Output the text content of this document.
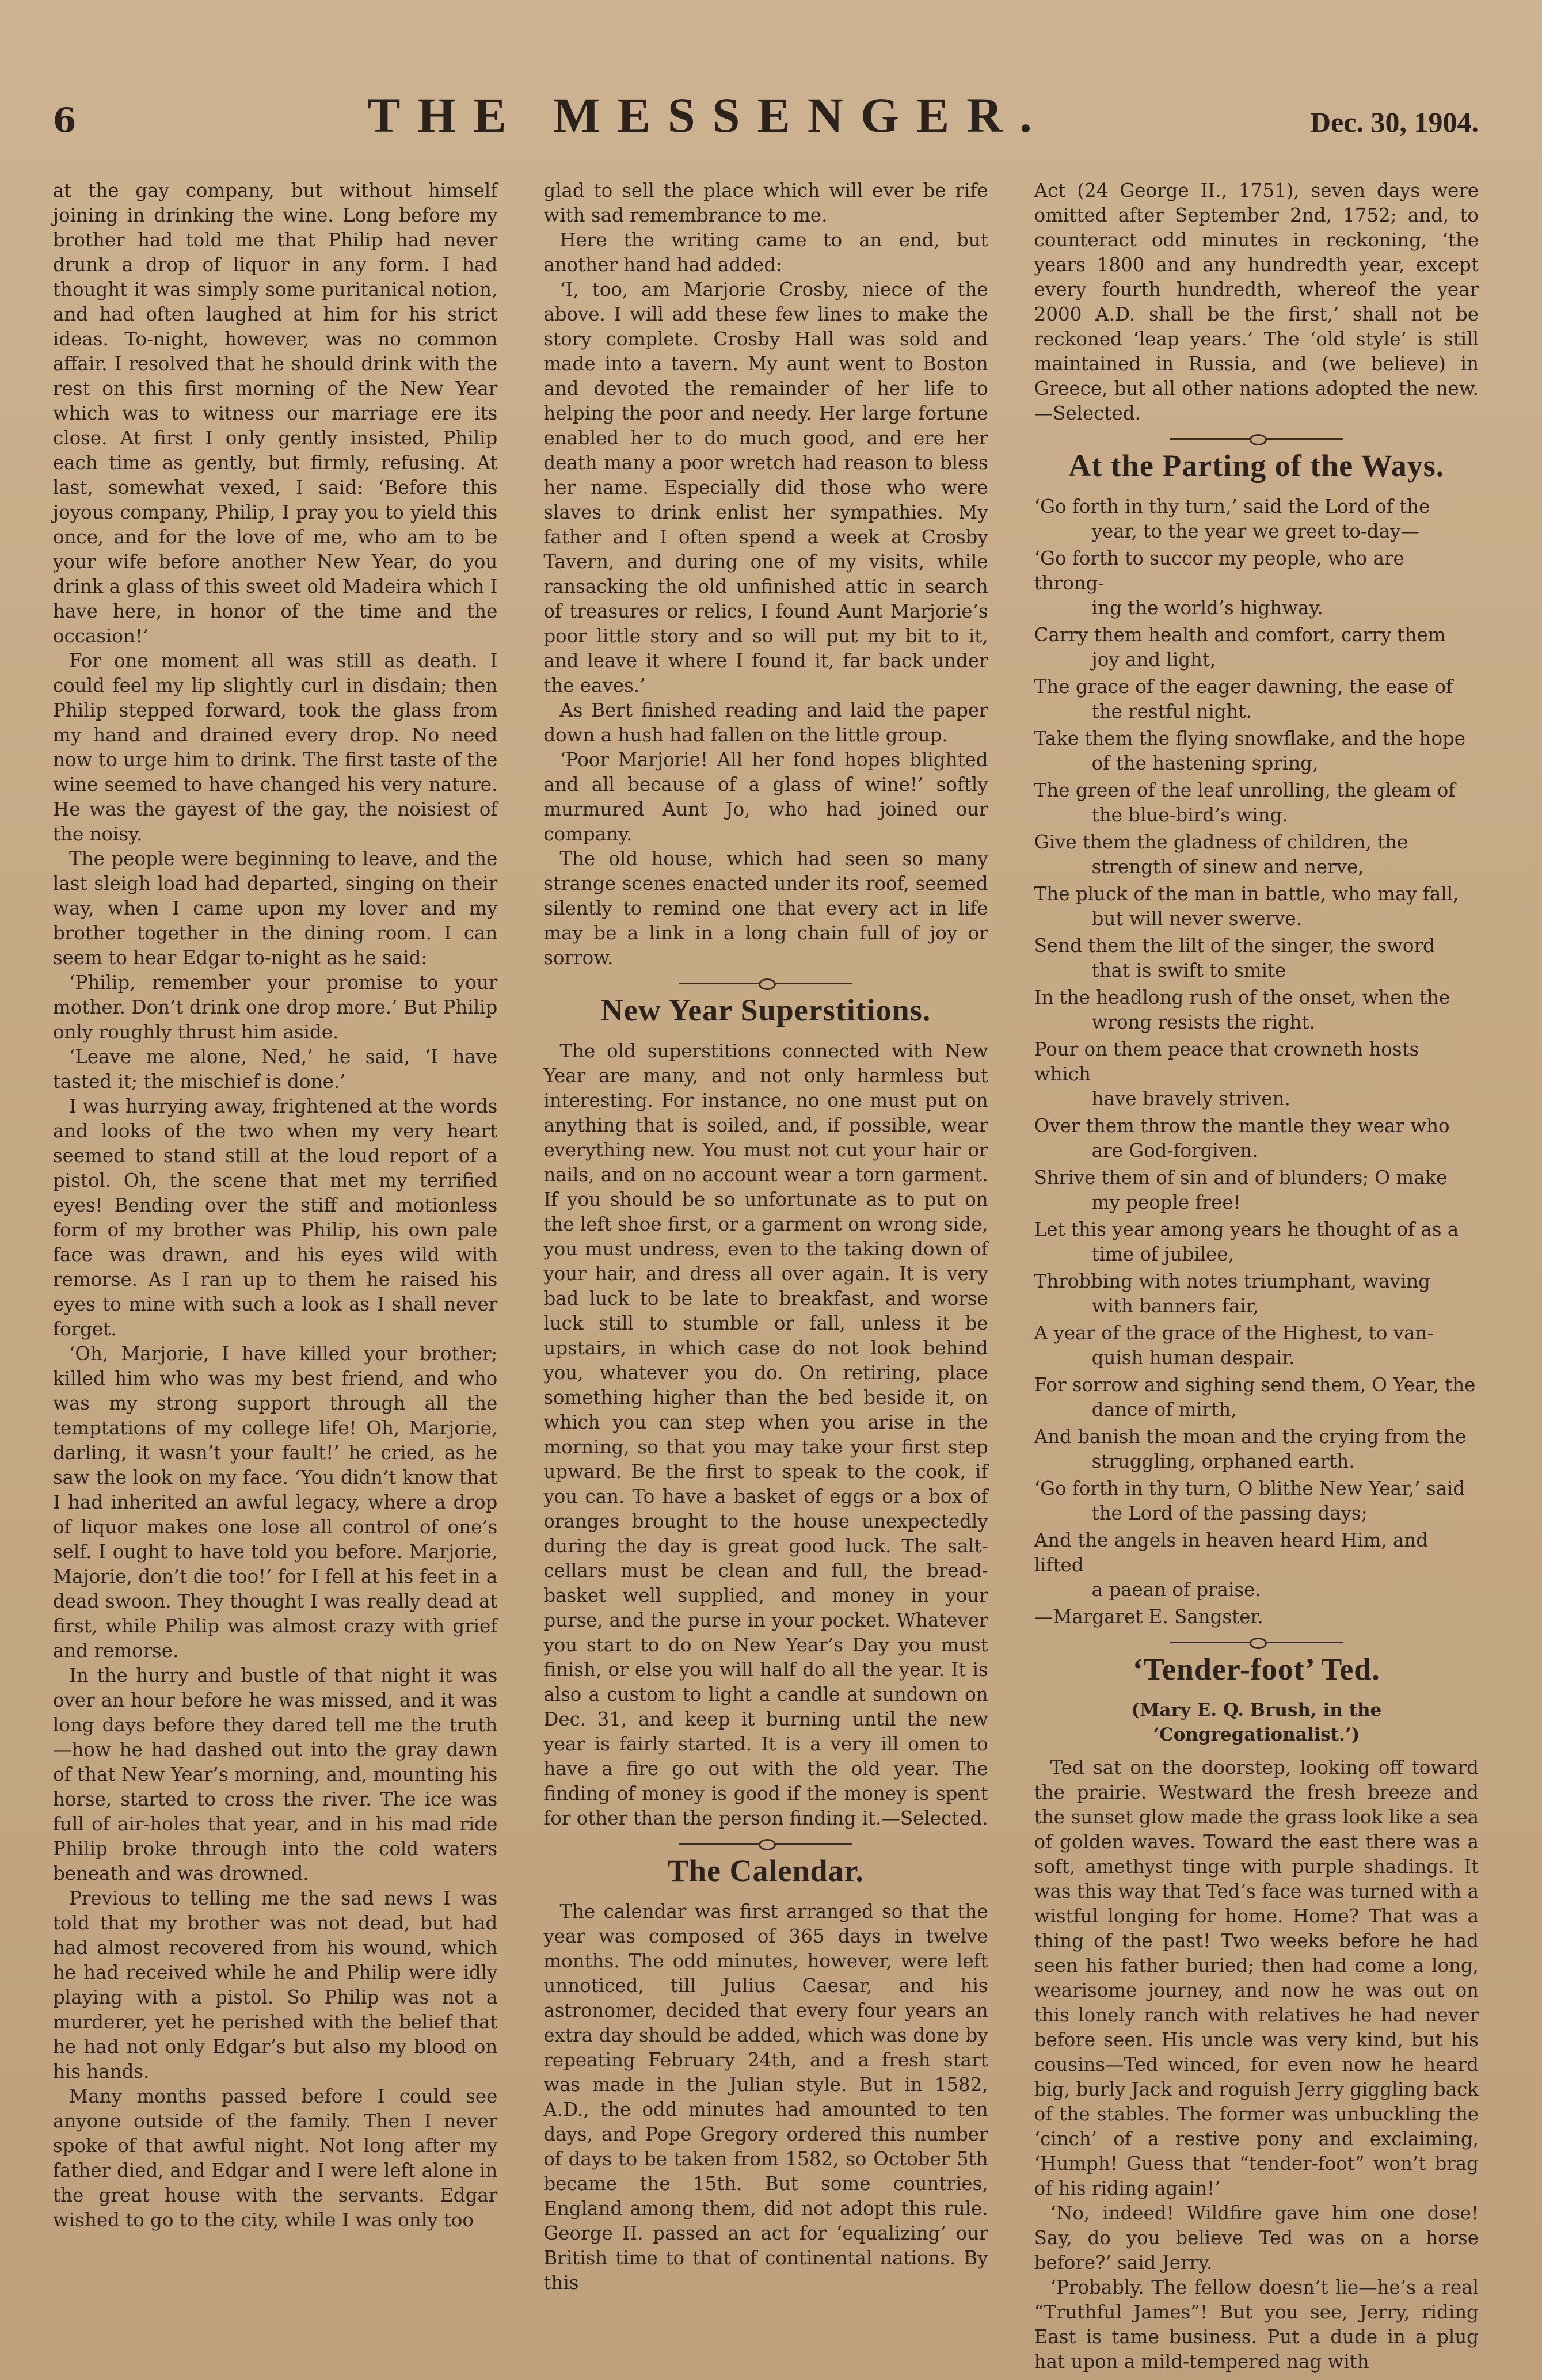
6	THE MESSENGER.	Dec. 30, 1904.

at the gay company, but without himself joining in drinking the wine. Long before my brother had told me that Philip had never drunk a drop of liquor in any form. I had thought it was simply some puritanical notion, and had often laughed at him for his strict ideas. To-night, however, was no common affair. I resolved that he should drink with the rest on this first morning of the New Year which was to witness our marriage ere its close. At first I only gently insisted, Philip each time as gently, but firmly, refusing. At last, somewhat vexed, I said: ‘Before this joyous company, Philip, I pray you to yield this once, and for the love of me, who am to be your wife before another New Year, do you drink a glass of this sweet old Madeira which I have here, in honor of the time and the occasion!’

For one moment all was still as death. I could feel my lip slightly curl in disdain; then Philip stepped forward, took the glass from my hand and drained every drop. No need now to urge him to drink. The first taste of the wine seemed to have changed his very nature. He was the gayest of the gay, the noisiest of the noisy.

The people were beginning to leave, and the last sleigh load had departed, singing on their way, when I came upon my lover and my brother together in the dining room. I can seem to hear Edgar to-night as he said:

‘Philip, remember your promise to your mother. Don’t drink one drop more.’ But Philip only roughly thrust him aside.

‘Leave me alone, Ned,’ he said, ‘I have tasted it; the mischief is done.’

I was hurrying away, frightened at the words and looks of the two when my very heart seemed to stand still at the loud report of a pistol. Oh, the scene that met my terrified eyes! Bending over the stiff and motionless form of my brother was Philip, his own pale face was drawn, and his eyes wild with remorse. As I ran up to them he raised his eyes to mine with such a look as I shall never forget.

‘Oh, Marjorie, I have killed your brother; killed him who was my best friend, and who was my strong support through all the temptations of my college life! Oh, Marjorie, darling, it wasn’t your fault!’ he cried, as he saw the look on my face. ‘You didn’t know that I had inherited an awful legacy, where a drop of liquor makes one lose all control of one’s self. I ought to have told you before. Marjorie, Majorie, don’t die too!’ for I fell at his feet in a dead swoon. They thought I was really dead at first, while Philip was almost crazy with grief and remorse.

In the hurry and bustle of that night it was over an hour before he was missed, and it was long days before they dared tell me the truth—how he had dashed out into the gray dawn of that New Year’s morning, and, mounting his horse, started to cross the river. The ice was full of air-holes that year, and in his mad ride Philip broke through into the cold waters beneath and was drowned.

Previous to telling me the sad news I was told that my brother was not dead, but had had almost recovered from his wound, which he had received while he and Philip were idly playing with a pistol. So Philip was not a murderer, yet he perished with the belief that he had not only Edgar’s but also my blood on his hands.

Many months passed before I could see anyone outside of the family. Then I never spoke of that awful night. Not long after my father died, and Edgar and I were left alone in the great house with the servants. Edgar wished to go to the city, while I was only too

glad to sell the place which will ever be rife with sad remembrance to me.

Here the writing came to an end, but another hand had added:

‘I, too, am Marjorie Crosby, niece of the above. I will add these few lines to make the story complete. Crosby Hall was sold and made into a tavern. My aunt went to Boston and devoted the remainder of her life to helping the poor and needy. Her large fortune enabled her to do much good, and ere her death many a poor wretch had reason to bless her name. Especially did those who were slaves to drink enlist her sympathies. My father and I often spend a week at Crosby Tavern, and during one of my visits, while ransacking the old unfinished attic in search of treasures or relics, I found Aunt Marjorie’s poor little story and so will put my bit to it, and leave it where I found it, far back under the eaves.’

As Bert finished reading and laid the paper down a hush had fallen on the little group.

‘Poor Marjorie! All her fond hopes blighted and all because of a glass of wine!’ softly murmured Aunt Jo, who had joined our company.

The old house, which had seen so many strange scenes enacted under its roof, seemed silently to remind one that every act in life may be a link in a long chain full of joy or sorrow.

New Year Superstitions.

The old superstitions connected with New Year are many, and not only harmless but interesting. For instance, no one must put on anything that is soiled, and, if possible, wear everything new. You must not cut your hair or nails, and on no account wear a torn garment. If you should be so unfortunate as to put on the left shoe first, or a garment on wrong side, you must undress, even to the taking down of your hair, and dress all over again. It is very bad luck to be late to breakfast, and worse luck still to stumble or fall, unless it be upstairs, in which case do not look behind you, whatever you do. On retiring, place something higher than the bed beside it, on which you can step when you arise in the morning, so that you may take your first step upward. Be the first to speak to the cook, if you can. To have a basket of eggs or a box of oranges brought to the house unexpectedly during the day is great good luck. The salt-cellars must be clean and full, the bread-basket well supplied, and money in your purse, and the purse in your pocket. Whatever you start to do on New Year’s Day you must finish, or else you will half do all the year. It is also a custom to light a candle at sundown on Dec. 31, and keep it burning until the new year is fairly started. It is a very ill omen to have a fire go out with the old year. The finding of money is good if the money is spent for other than the person finding it.—Selected.

The Calendar.

The calendar was first arranged so that the year was composed of 365 days in twelve months. The odd minutes, however, were left unnoticed, till Julius Caesar, and his astronomer, decided that every four years an extra day should be added, which was done by repeating February 24th, and a fresh start was made in the Julian style. But in 1582, A.D., the odd minutes had amounted to ten days, and Pope Gregory ordered this number of days to be taken from 1582, so October 5th became the 15th. But some countries, England among them, did not adopt this rule. George II. passed an act for ‘equalizing’ our British time to that of continental nations. By this

Act (24 George II., 1751), seven days were omitted after September 2nd, 1752; and, to counteract odd minutes in reckoning, ‘the years 1800 and any hundredth year, except every fourth hundredth, whereof the year 2000 A.D. shall be the first,’ shall not be reckoned ‘leap years.’ The ‘old style’ is still maintained in Russia, and (we believe) in Greece, but all other nations adopted the new.—Selected.

At the Parting of the Ways.

‘Go forth in thy turn,’ said the Lord of the
year, to the year we greet to-day—

‘Go forth to succor my people, who are throng-
ing the world’s highway.

Carry them health and comfort, carry them
joy and light,

The grace of the eager dawning, the ease of
the restful night.

Take them the flying snowflake, and the hope
of the hastening spring,

The green of the leaf unrolling, the gleam of
the blue-bird’s wing.

Give them the gladness of children, the
strength of sinew and nerve,

The pluck of the man in battle, who may fall,
but will never swerve.

Send them the lilt of the singer, the sword
that is swift to smite

In the headlong rush of the onset, when the
wrong resists the right.

Pour on them peace that crowneth hosts which
have bravely striven.

Over them throw the mantle they wear who
are God-forgiven.

Shrive them of sin and of blunders; O make
my people free!

Let this year among years he thought of as a
time of jubilee,

Throbbing with notes triumphant, waving
with banners fair,

A year of the grace of the Highest, to van-
quish human despair.

For sorrow and sighing send them, O Year, the
dance of mirth,

And banish the moan and the crying from the
struggling, orphaned earth.

‘Go forth in thy turn, O blithe New Year,’ said
the Lord of the passing days;

And the angels in heaven heard Him, and lifted
a paean of praise.

—Margaret E. Sangster.

‘Tender-foot’ Ted.
(Mary E. Q. Brush, in the ‘Congregationalist.’)

Ted sat on the doorstep, looking off toward the prairie. Westward the fresh breeze and the sunset glow made the grass look like a sea of golden waves. Toward the east there was a soft, amethyst tinge with purple shadings. It was this way that Ted’s face was turned with a wistful longing for home. Home? That was a thing of the past! Two weeks before he had seen his father buried; then had come a long, wearisome journey, and now he was out on this lonely ranch with relatives he had never before seen. His uncle was very kind, but his cousins—Ted winced, for even now he heard big, burly Jack and roguish Jerry giggling back of the stables. The former was unbuckling the ‘cinch’ of a restive pony and exclaiming, ‘Humph! Guess that “tender-foot” won’t brag of his riding again!’

‘No, indeed! Wildfire gave him one dose! Say, do you believe Ted was on a horse before?’ said Jerry.

‘Probably. The fellow doesn’t lie—he’s a real “Truthful James”! But you see, Jerry, riding East is tame business. Put a dude in a plug hat upon a mild-tempered nag with
